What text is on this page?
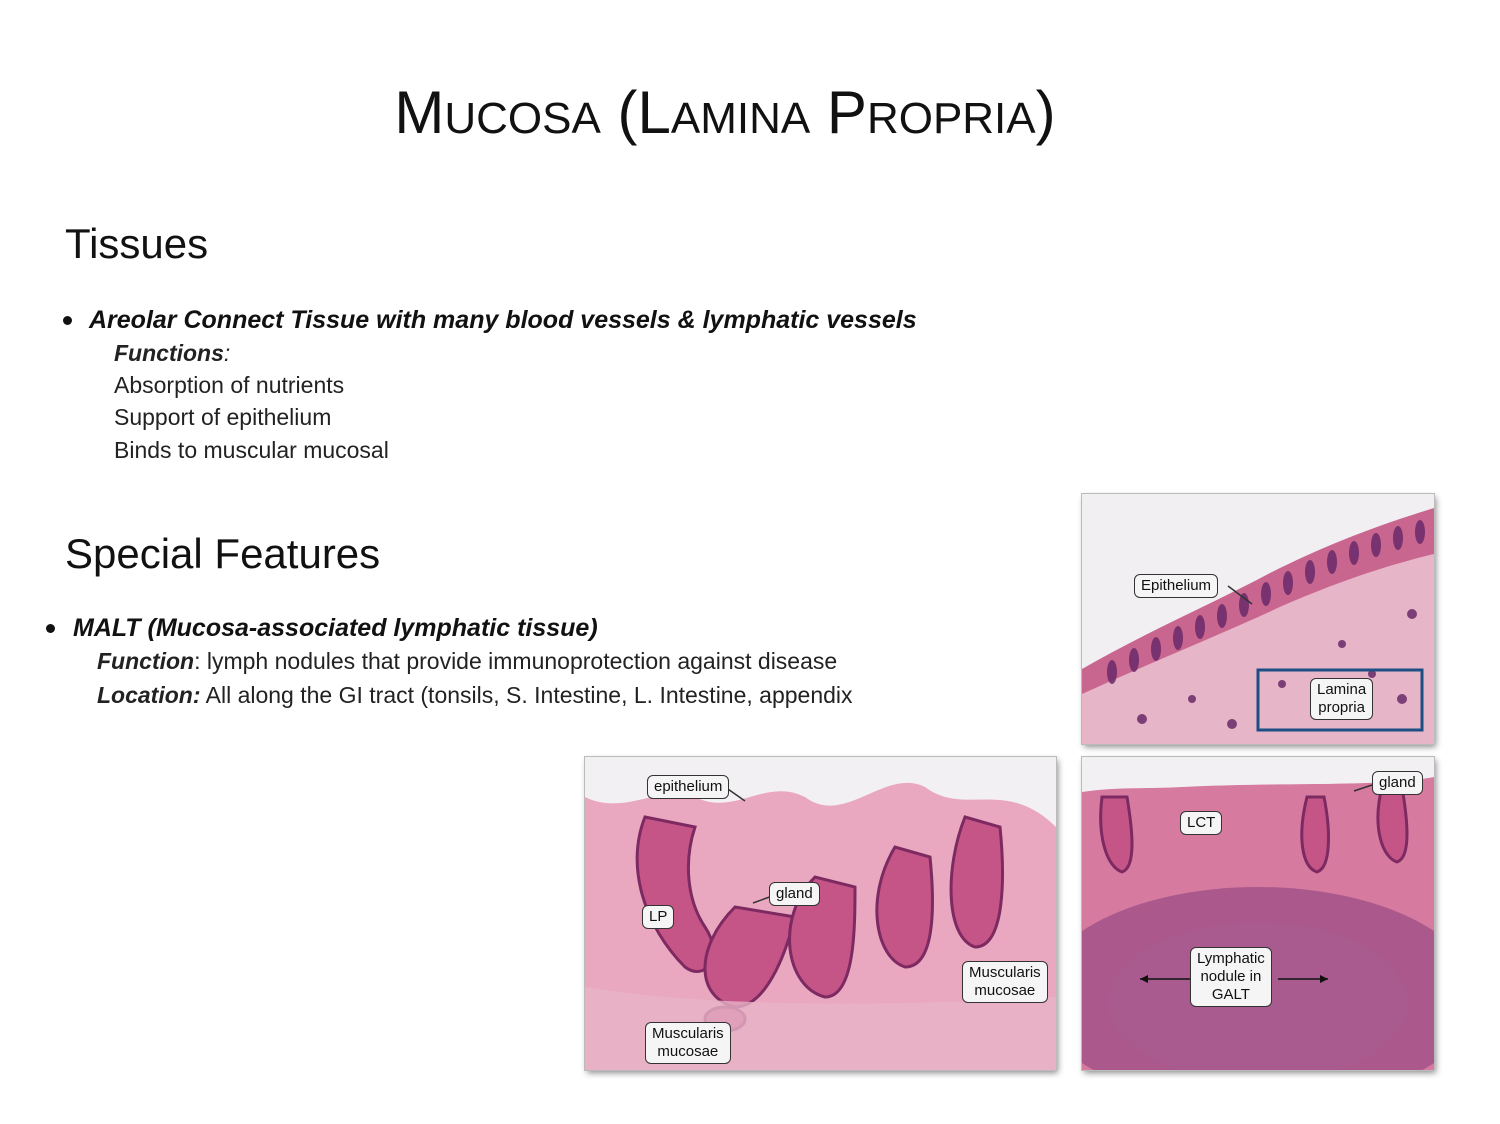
MUCOSA (LAMINA PROPRIA)
Tissues
Areolar Connect Tissue with many blood vessels & lymphatic vessels
Functions:
Absorption of nutrients
Support of epithelium
Binds to muscular mucosal
Special Features
MALT (Mucosa-associated lymphatic tissue)
Function: lymph nodules that provide immunoprotection against disease
Location: All along the GI tract (tonsils, S. Intestine, L. Intestine, appendix
Epithelium
Lamina
propria
epithelium
gland
LP
Muscularis
mucosae
Muscularis
mucosae
gland
LCT
Lymphatic
nodule in
GALT
